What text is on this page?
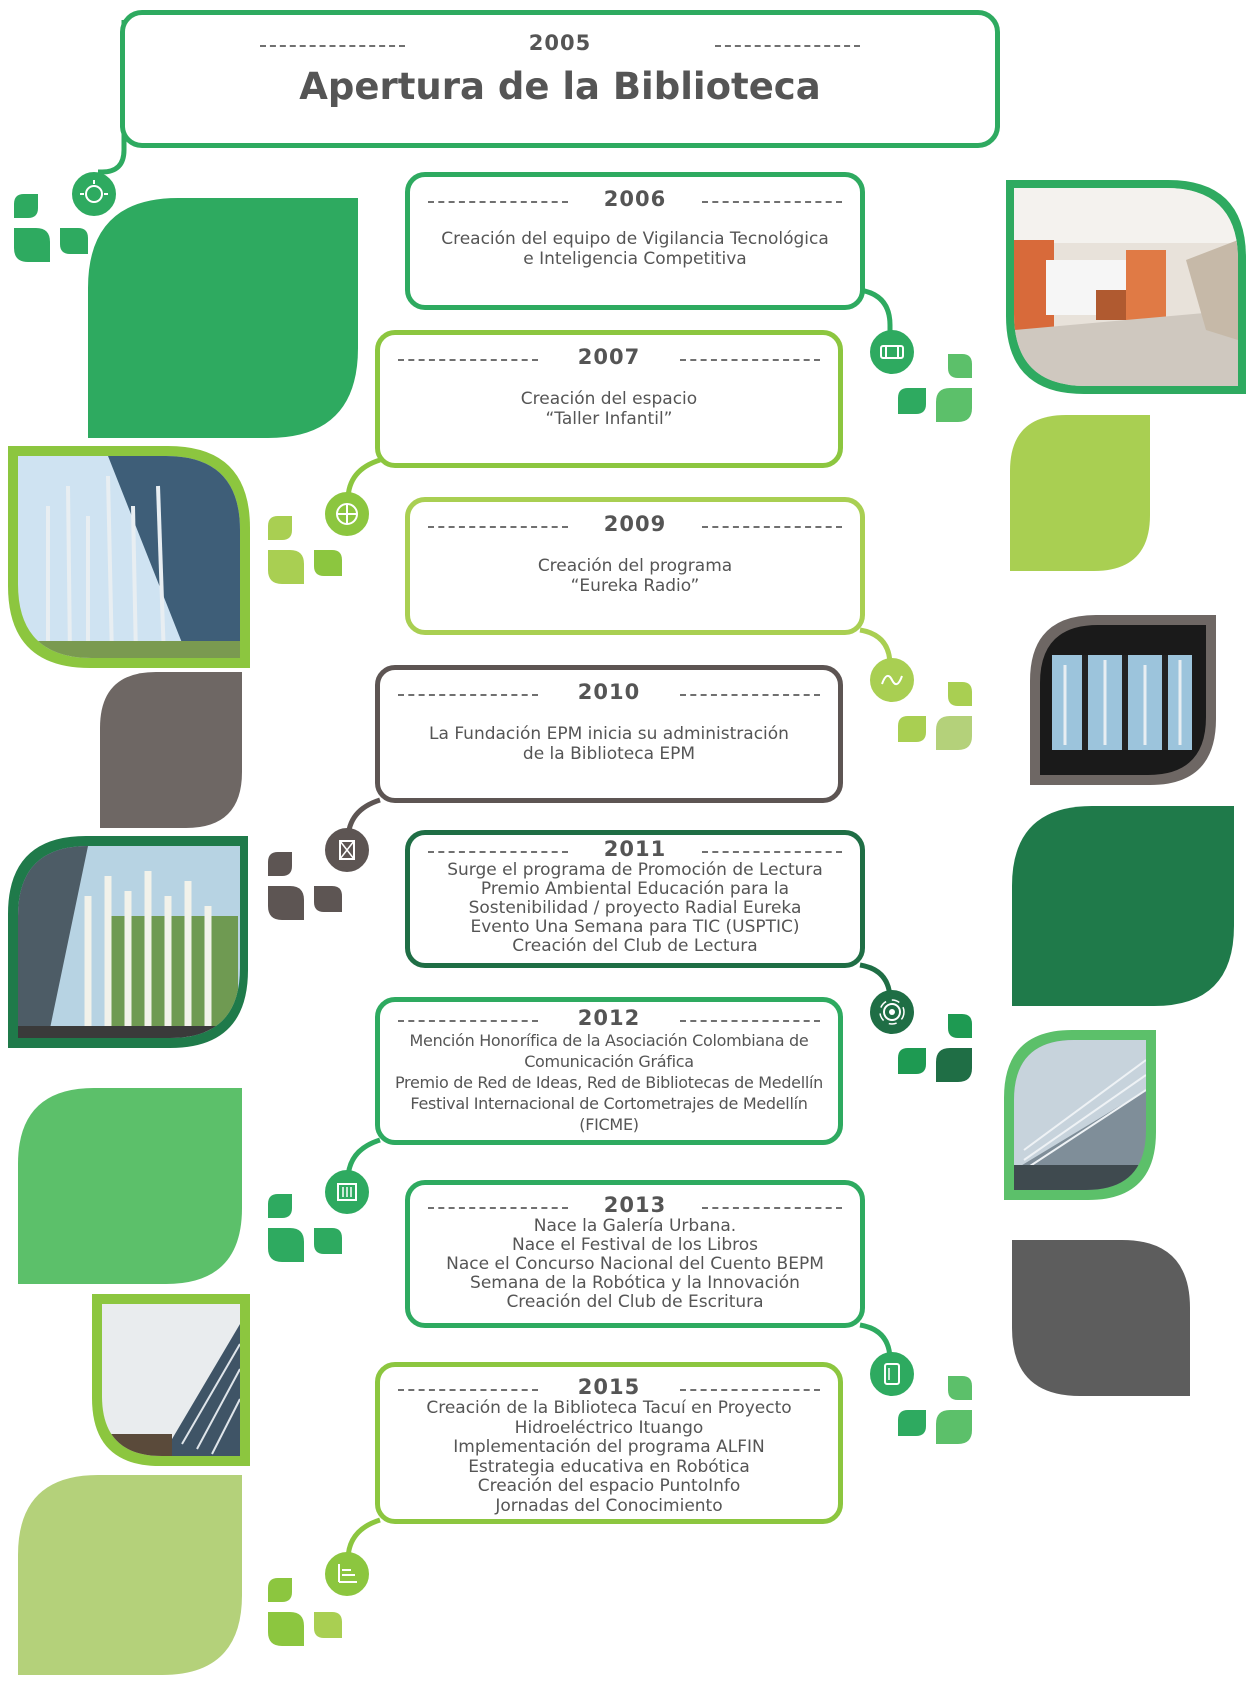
2005
Apertura de la Biblioteca
2006
Creación del equipo de Vigilancia Tecnológica
e Inteligencia Competitiva
2007
Creación del espacio
“Taller Infantil”
2009
Creación del programa
“Eureka Radio”
2010
La Fundación EPM inicia su administración
de la Biblioteca EPM
2011
Surge el programa de Promoción de Lectura
Premio Ambiental Educación para la
Sostenibilidad / proyecto Radial Eureka
Evento Una Semana para TIC (USPTIC)
Creación del Club de Lectura
2012
Mención Honorífica de la Asociación Colombiana de
Comunicación Gráfica
Premio de Red de Ideas, Red de Bibliotecas de Medellín
Festival Internacional de Cortometrajes de Medellín
(FICME)
2013
Nace la Galería Urbana.
Nace el Festival de los Libros
Nace el Concurso Nacional del Cuento BEPM
Semana de la Robótica y la Innovación
Creación del Club de Escritura
2015
Creación de la Biblioteca Tacuí en Proyecto
Hidroeléctrico Ituango
Implementación del programa ALFIN
Estrategia educativa en Robótica
Creación del espacio PuntoInfo
Jornadas del Conocimiento
